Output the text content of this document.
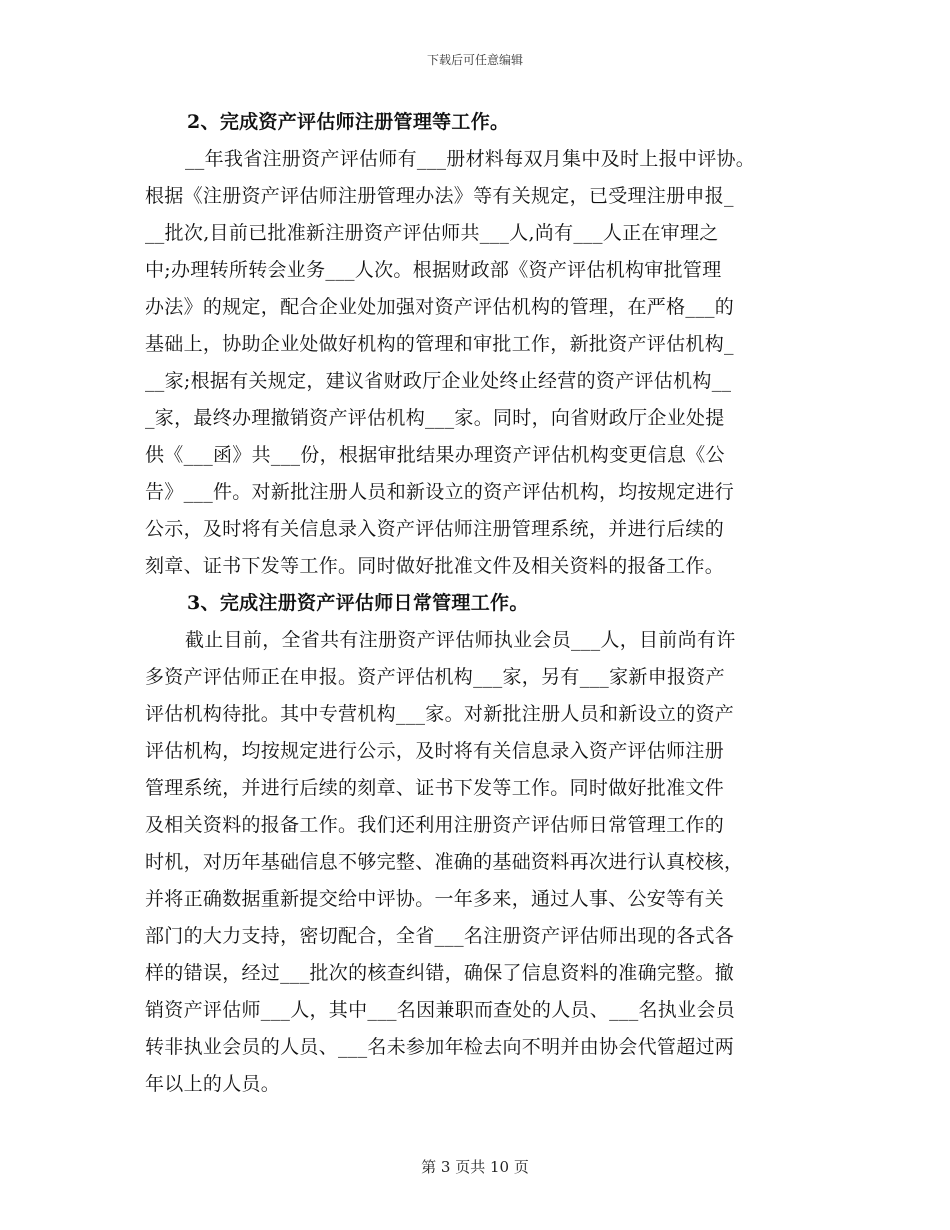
下载后可任意编辑
2、完成资产评估师注册管理等工作。
__年我省注册资产评估师有___册材料每双月集中及时上报中评协。
根据《注册资产评估师注册管理办法》等有关规定，已受理注册申报_
__批次,目前已批准新注册资产评估师共___人,尚有___人正在审理之
中;办理转所转会业务___人次。根据财政部《资产评估机构审批管理
办法》的规定，配合企业处加强对资产评估机构的管理，在严格___的
基础上，协助企业处做好机构的管理和审批工作，新批资产评估机构_
__家;根据有关规定，建议省财政厅企业处终止经营的资产评估机构__
_家，最终办理撤销资产评估机构___家。同时，向省财政厅企业处提
供《___函》共___份，根据审批结果办理资产评估机构变更信息《公
告》___件。对新批注册人员和新设立的资产评估机构，均按规定进行
公示，及时将有关信息录入资产评估师注册管理系统，并进行后续的
刻章、证书下发等工作。同时做好批准文件及相关资料的报备工作。
3、完成注册资产评估师日常管理工作。
截止目前，全省共有注册资产评估师执业会员___人，目前尚有许
多资产评估师正在申报。资产评估机构___家，另有___家新申报资产
评估机构待批。其中专营机构___家。对新批注册人员和新设立的资产
评估机构，均按规定进行公示，及时将有关信息录入资产评估师注册
管理系统，并进行后续的刻章、证书下发等工作。同时做好批准文件
及相关资料的报备工作。我们还利用注册资产评估师日常管理工作的
时机，对历年基础信息不够完整、准确的基础资料再次进行认真校核，
并将正确数据重新提交给中评协。一年多来，通过人事、公安等有关
部门的大力支持，密切配合，全省___名注册资产评估师出现的各式各
样的错误，经过___批次的核查纠错，确保了信息资料的准确完整。撤
销资产评估师___人，其中___名因兼职而查处的人员、___名执业会员
转非执业会员的人员、___名未参加年检去向不明并由协会代管超过两
年以上的人员。
第 3 页共 10 页
